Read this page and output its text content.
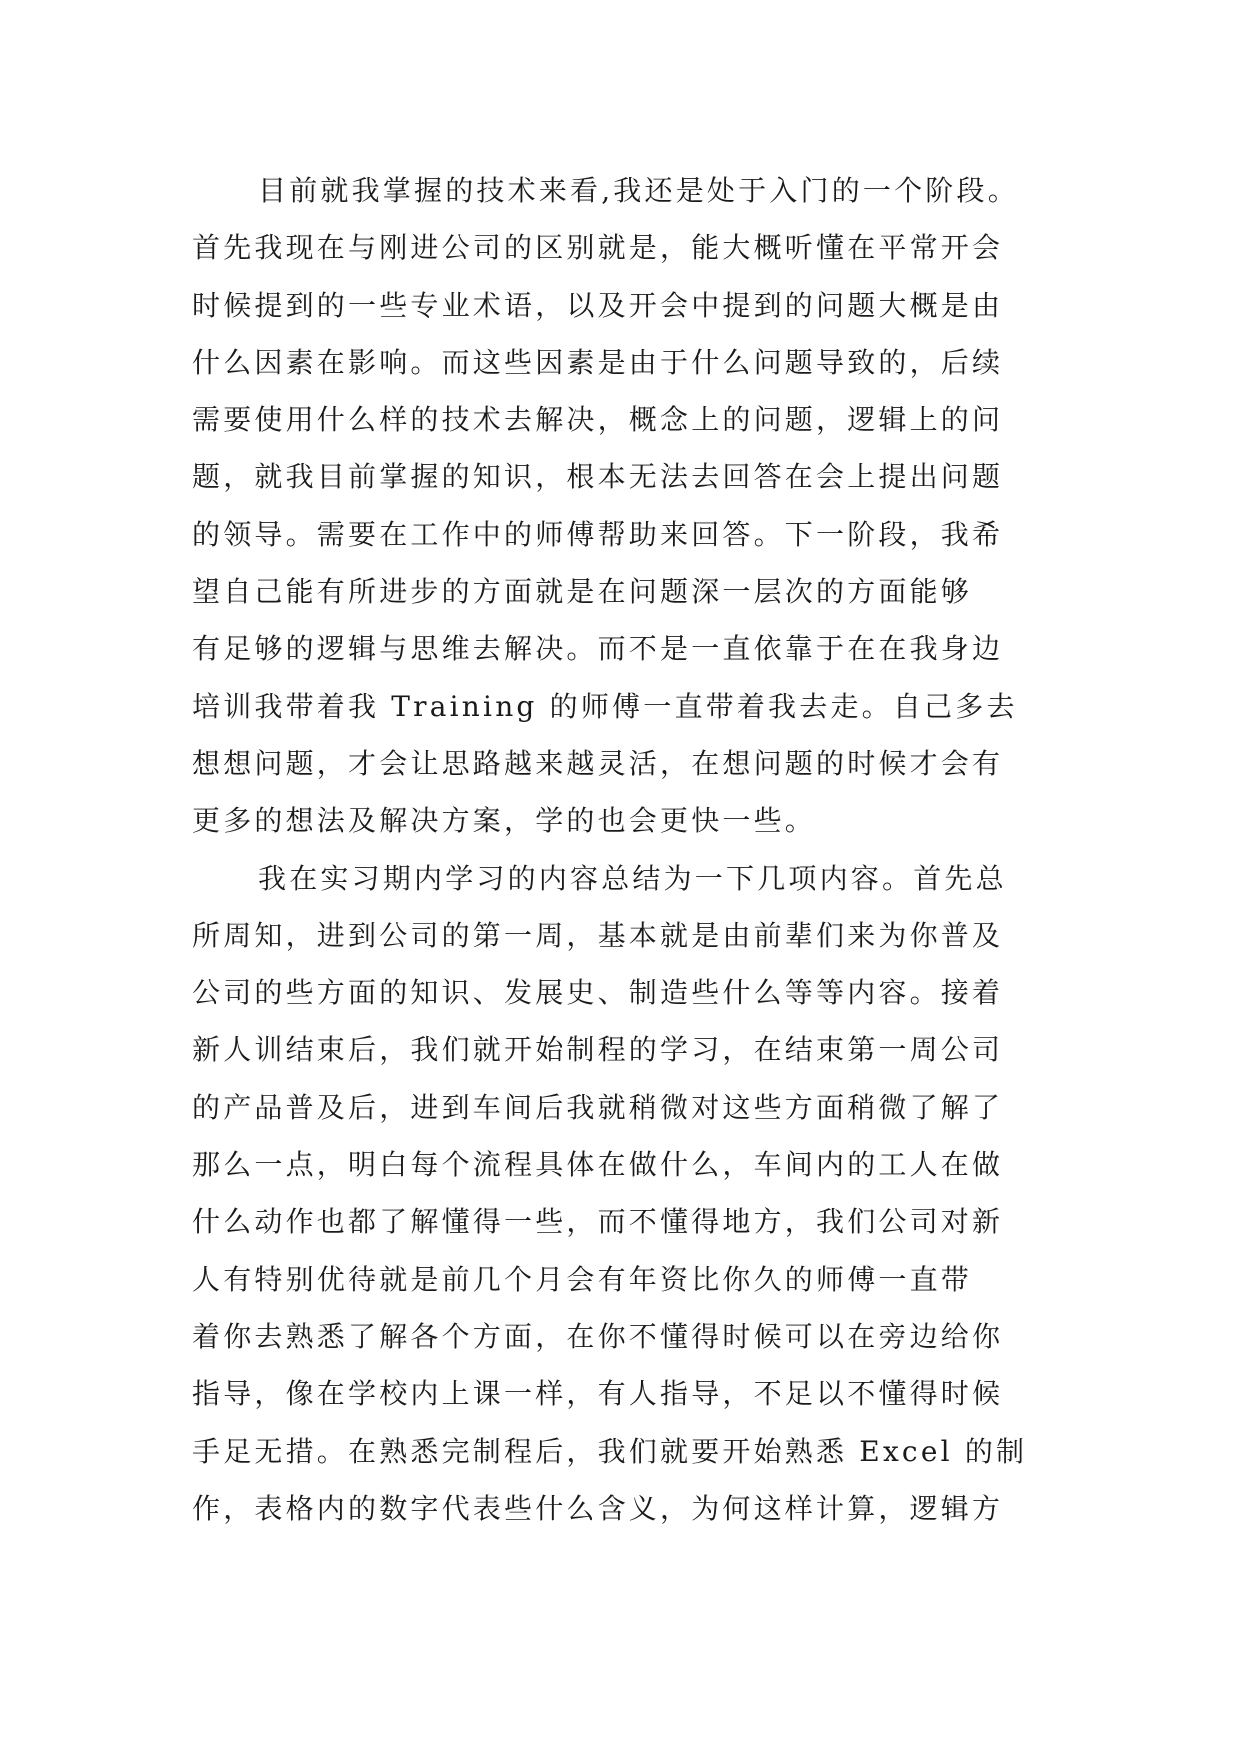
目前就我掌握的技术来看,我还是处于入门的一个阶段。
首先我现在与刚进公司的区别就是，能大概听懂在平常开会
时候提到的一些专业术语，以及开会中提到的问题大概是由
什么因素在影响。而这些因素是由于什么问题导致的，后续
需要使用什么样的技术去解决，概念上的问题，逻辑上的问
题，就我目前掌握的知识，根本无法去回答在会上提出问题
的领导。需要在工作中的师傅帮助来回答。下一阶段，我希
望自己能有所进步的方面就是在问题深一层次的方面能够
有足够的逻辑与思维去解决。而不是一直依靠于在在我身边
培训我带着我 Training 的师傅一直带着我去走。自己多去
想想问题，才会让思路越来越灵活，在想问题的时候才会有
更多的想法及解决方案，学的也会更快一些。
我在实习期内学习的内容总结为一下几项内容。首先总
所周知，进到公司的第一周，基本就是由前辈们来为你普及
公司的些方面的知识、发展史、制造些什么等等内容。接着
新人训结束后，我们就开始制程的学习，在结束第一周公司
的产品普及后，进到车间后我就稍微对这些方面稍微了解了
那么一点，明白每个流程具体在做什么，车间内的工人在做
什么动作也都了解懂得一些，而不懂得地方，我们公司对新
人有特别优待就是前几个月会有年资比你久的师傅一直带
着你去熟悉了解各个方面，在你不懂得时候可以在旁边给你
指导，像在学校内上课一样，有人指导，不足以不懂得时候
手足无措。在熟悉完制程后，我们就要开始熟悉 Excel 的制
作，表格内的数字代表些什么含义，为何这样计算，逻辑方
